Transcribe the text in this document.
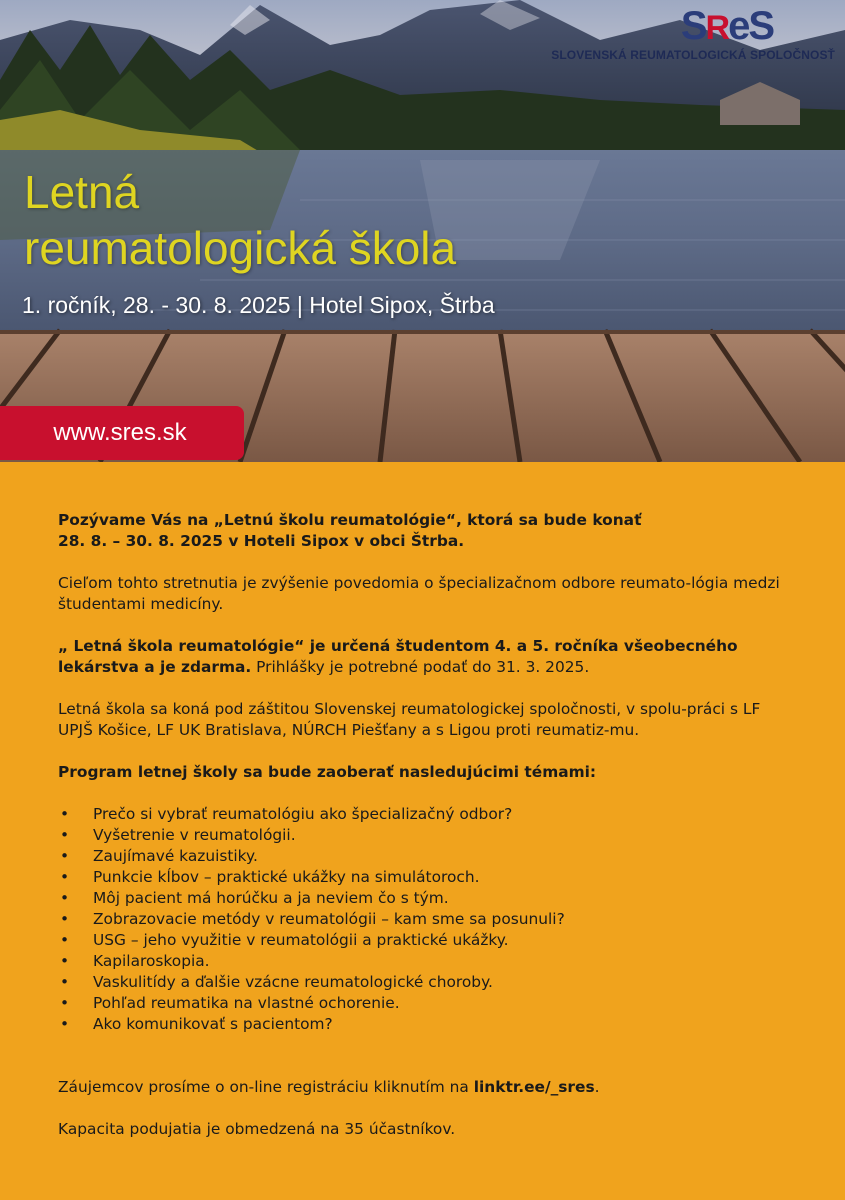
SReS
SLOVENSKÁ REUMATOLOGICKÁ SPOLOČNOSŤ
Letná
reumatologická škola
1. ročník, 28. - 30. 8. 2025 | Hotel Sipox, Štrba
www.sres.sk

Pozývame Vás na „Letnú školu reumatológie“, ktorá sa bude konať
28. 8. – 30. 8. 2025 v Hoteli Sipox v obci Štrba.

Cieľom tohto stretnutia je zvýšenie povedomia o špecializačnom odbore reumato-lógia medzi študentami medicíny.

„ Letná škola reumatológie“ je určená študentom 4. a 5. ročníka všeobecného lekárstva a je zdarma. Prihlášky je potrebné podať do 31. 3. 2025.

Letná škola sa koná pod záštitou Slovenskej reumatologickej spoločnosti, v spolu-práci s LF UPJŠ Košice, LF UK Bratislava, NÚRCH Piešťany a s Ligou proti reumatiz-mu.

Program letnej školy sa bude zaoberať nasledujúcimi témami:

• Prečo si vybrať reumatológiu ako špecializačný odbor?
• Vyšetrenie v reumatológii.
• Zaujímavé kazuistiky.
• Punkcie kĺbov – praktické ukážky na simulátoroch.
• Môj pacient má horúčku a ja neviem čo s tým.
• Zobrazovacie metódy v reumatológii – kam sme sa posunuli?
• USG – jeho využitie v reumatológii a praktické ukážky.
• Kapilaroskopia.
• Vaskulitídy a ďalšie vzácne reumatologické choroby.
• Pohľad reumatika na vlastné ochorenie.
• Ako komunikovať s pacientom?

Záujemcov prosíme o on-line registráciu kliknutím na linktr.ee/_sres.

Kapacita podujatia je obmedzená na 35 účastníkov.
